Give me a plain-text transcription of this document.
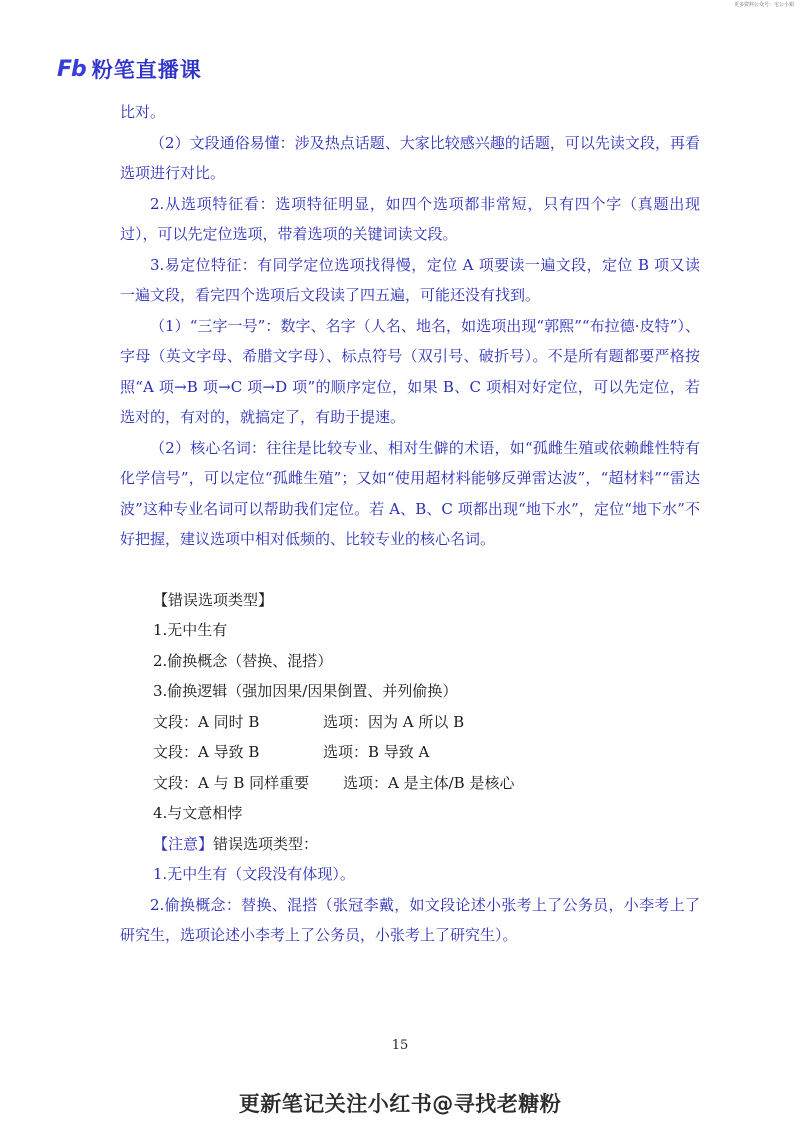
更多资料公众号：宅公小箱
Fb 粉笔直播课

比对。

（2）文段通俗易懂：涉及热点话题、大家比较感兴趣的话题，可以先读文段，再看选项进行对比。

2.从选项特征看：选项特征明显，如四个选项都非常短，只有四个字（真题出现过），可以先定位选项，带着选项的关键词读文段。

3.易定位特征：有同学定位选项找得慢，定位 A 项要读一遍文段，定位 B 项又读一遍文段，看完四个选项后文段读了四五遍，可能还没有找到。

（1）“三字一号”：数字、名字（人名、地名，如选项出现“郭熙”“布拉德·皮特”）、字母（英文字母、希腊文字母）、标点符号（双引号、破折号）。不是所有题都要严格按照“A 项→B 项→C 项→D 项”的顺序定位，如果 B、C 项相对好定位，可以先定位，若选对的，有对的，就搞定了，有助于提速。

（2）核心名词：往往是比较专业、相对生僻的术语，如“孤雌生殖或依赖雌性特有化学信号”，可以定位“孤雌生殖”；又如“使用超材料能够反弹雷达波”，“超材料”“雷达波”这种专业名词可以帮助我们定位。若 A、B、C 项都出现“地下水”，定位“地下水”不好把握，建议选项中相对低频的、比较专业的核心名词。

【错误选项类型】

1.无中生有

2.偷换概念（替换、混搭）

3.偷换逻辑（强加因果/因果倒置、并列偷换）

文段：A 同时 B	选项：因为 A 所以 B
文段：A 导致 B	选项：B 导致 A
文段：A 与 B 同样重要	选项：A 是主体/B 是核心

4.与文意相悖

【注意】错误选项类型：

1.无中生有（文段没有体现）。

2.偷换概念：替换、混搭（张冠李戴，如文段论述小张考上了公务员，小李考上了研究生，选项论述小李考上了公务员，小张考上了研究生）。

15
更新笔记关注小红书@寻找老糖粉
